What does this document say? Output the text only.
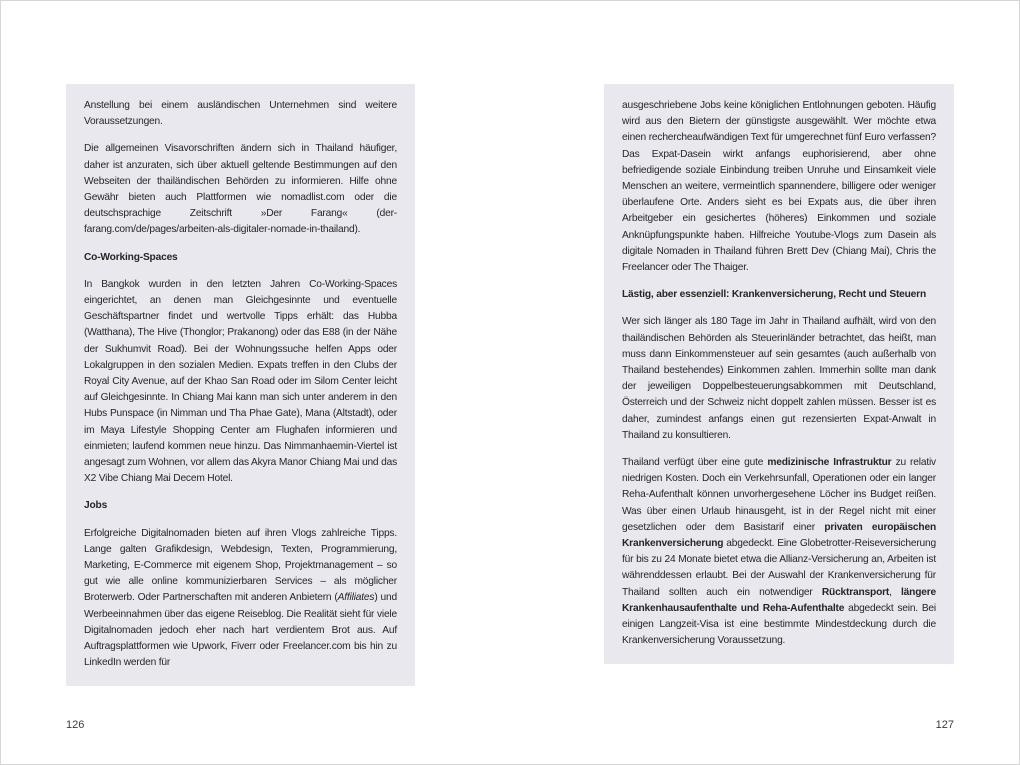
Anstellung bei einem ausländischen Unternehmen sind weitere Voraussetzungen.

Die allgemeinen Visavorschriften ändern sich in Thailand häufiger, daher ist anzuraten, sich über aktuell geltende Bestimmungen auf den Webseiten der thailändischen Behörden zu informieren. Hilfe ohne Gewähr bieten auch Plattformen wie nomadlist.com oder die deutschsprachige Zeitschrift »Der Farang« (der-farang.com/de/pages/arbeiten-als-digitaler-nomade-in-thailand).

Co-Working-Spaces

In Bangkok wurden in den letzten Jahren Co-Working-Spaces eingerichtet, an denen man Gleichgesinnte und eventuelle Geschäftspartner findet und wertvolle Tipps erhält: das Hubba (Watthana), The Hive (Thonglor; Prakanong) oder das E88 (in der Nähe der Sukhumvit Road). Bei der Wohnungssuche helfen Apps oder Lokalgruppen in den sozialen Medien. Expats treffen in den Clubs der Royal City Avenue, auf der Khao San Road oder im Silom Center leicht auf Gleichgesinnte. In Chiang Mai kann man sich unter anderem in den Hubs Punspace (in Nimman und Tha Phae Gate), Mana (Altstadt), oder im Maya Lifestyle Shopping Center am Flughafen informieren und einmieten; laufend kommen neue hinzu. Das Nimmanhaemin-Viertel ist angesagt zum Wohnen, vor allem das Akyra Manor Chiang Mai und das X2 Vibe Chiang Mai Decem Hotel.

Jobs

Erfolgreiche Digitalnomaden bieten auf ihren Vlogs zahlreiche Tipps. Lange galten Grafikdesign, Webdesign, Texten, Programmierung, Marketing, E-Commerce mit eigenem Shop, Projektmanagement – so gut wie alle online kommunizierbaren Services – als möglicher Broterwerb. Oder Partnerschaften mit anderen Anbietern (Affiliates) und Werbeeinnahmen über das eigene Reiseblog. Die Realität sieht für viele Digitalnomaden jedoch eher nach hart verdientem Brot aus. Auf Auftragsplattformen wie Upwork, Fiverr oder Freelancer.com bis hin zu LinkedIn werden für

126

ausgeschriebene Jobs keine königlichen Entlohnungen geboten. Häufig wird aus den Bietern der günstigste ausgewählt. Wer möchte etwa einen rechercheaufwändigen Text für umgerechnet fünf Euro verfassen? Das Expat-Dasein wirkt anfangs euphorisierend, aber ohne befriedigende soziale Einbindung treiben Unruhe und Einsamkeit viele Menschen an weitere, vermeintlich spannendere, billigere oder weniger überlaufene Orte. Anders sieht es bei Expats aus, die über ihren Arbeitgeber ein gesichertes (höheres) Einkommen und soziale Anknüpfungspunkte haben. Hilfreiche Youtube-Vlogs zum Dasein als digitale Nomaden in Thailand führen Brett Dev (Chiang Mai), Chris the Freelancer oder The Thaiger.

Lästig, aber essenziell: Krankenversicherung, Recht und Steuern

Wer sich länger als 180 Tage im Jahr in Thailand aufhält, wird von den thailändischen Behörden als Steuerinländer betrachtet, das heißt, man muss dann Einkommensteuer auf sein gesamtes (auch außerhalb von Thailand bestehendes) Einkommen zahlen. Immerhin sollte man dank der jeweiligen Doppelbesteuerungsabkommen mit Deutschland, Österreich und der Schweiz nicht doppelt zahlen müssen. Besser ist es daher, zumindest anfangs einen gut rezensierten Expat-Anwalt in Thailand zu konsultieren.

Thailand verfügt über eine gute medizinische Infrastruktur zu relativ niedrigen Kosten. Doch ein Verkehrsunfall, Operationen oder ein langer Reha-Aufenthalt können unvorhergesehene Löcher ins Budget reißen. Was über einen Urlaub hinausgeht, ist in der Regel nicht mit einer gesetzlichen oder dem Basistarif einer privaten europäischen Krankenversicherung abgedeckt. Eine Globetrotter-Reiseversicherung für bis zu 24 Monate bietet etwa die Allianz-Versicherung an, Arbeiten ist währenddessen erlaubt. Bei der Auswahl der Krankenversicherung für Thailand sollten auch ein notwendiger Rücktransport, längere Krankenhausaufenthalte und Reha-Aufenthalte abgedeckt sein. Bei einigen Langzeit-Visa ist eine bestimmte Mindestdeckung durch die Krankenversicherung Voraussetzung.

127
